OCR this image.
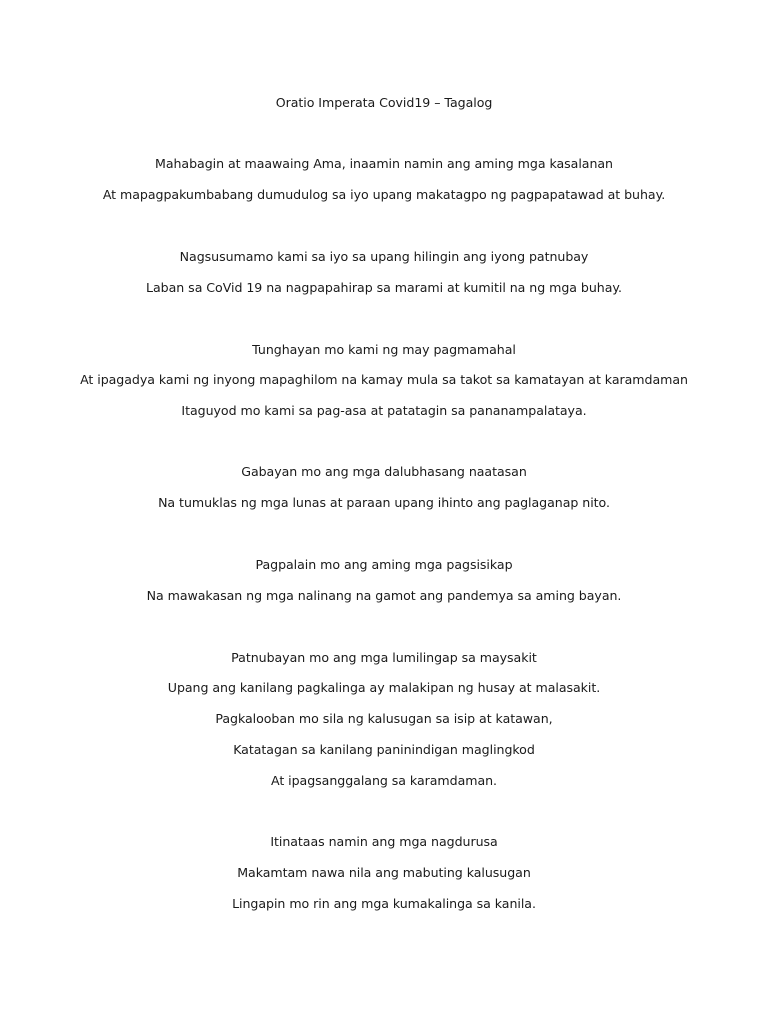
Oratio Imperata Covid19 – Tagalog
Mahabagin at maawaing Ama, inaamin namin ang aming mga kasalanan
At mapagpakumbabang dumudulog sa iyo upang makatagpo ng pagpapatawad at buhay.
Nagsusumamo kami sa iyo sa upang hilingin ang iyong patnubay
Laban sa CoVid 19 na nagpapahirap sa marami at kumitil na ng mga buhay.
Tunghayan mo kami ng may pagmamahal
At ipagadya kami ng inyong mapaghilom na kamay mula sa takot sa kamatayan at karamdaman
Itaguyod mo kami sa pag-asa at patatagin sa pananampalataya.
Gabayan mo ang mga dalubhasang naatasan
Na tumuklas ng mga lunas at paraan upang ihinto ang paglaganap nito.
Pagpalain mo ang aming mga pagsisikap
Na mawakasan ng mga nalinang na gamot ang pandemya sa aming bayan.
Patnubayan mo ang mga lumilingap sa maysakit
Upang ang kanilang pagkalinga ay malakipan ng husay at malasakit.
Pagkalooban mo sila ng kalusugan sa isip at katawan,
Katatagan sa kanilang paninindigan maglingkod
At ipagsanggalang sa karamdaman.
Itinataas namin ang mga nagdurusa
Makamtam nawa nila ang mabuting kalusugan
Lingapin mo rin ang mga kumakalinga sa kanila.
